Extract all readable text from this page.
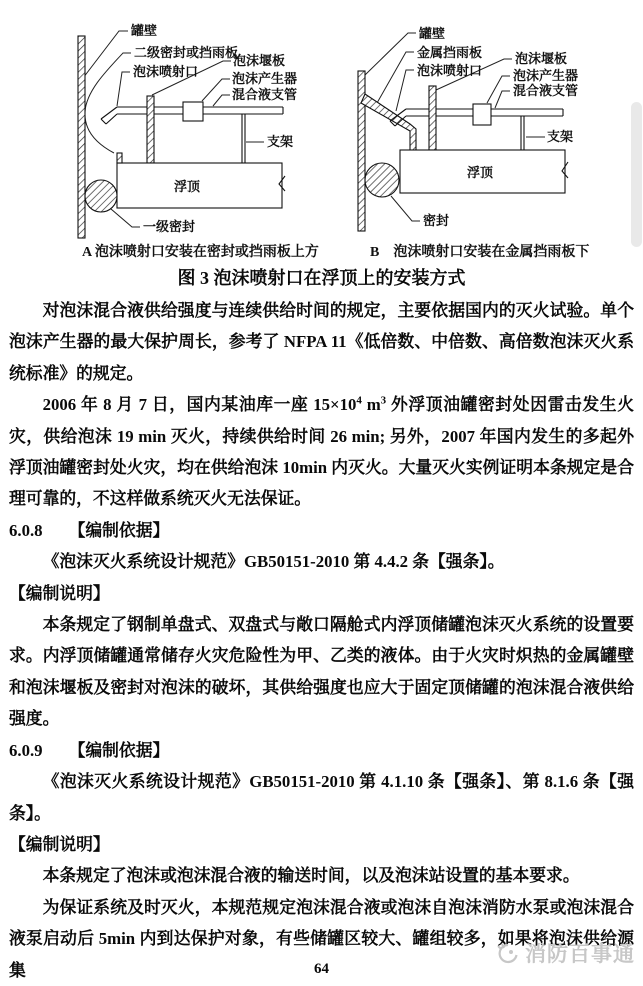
罐壁
二级密封或挡雨板
泡沫喷射口
泡沫堰板
泡沫产生器
混合液支管
支架
浮顶
一级密封
A 泡沫喷射口安装在密封或挡雨板上方
罐壁
金属挡雨板
泡沫喷射口
泡沫堰板
泡沫产生器
混合液支管
支架
浮顶
密封
B　泡沫喷射口安装在金属挡雨板下
图 3 泡沫喷射口在浮顶上的安装方式

对泡沫混合液供给强度与连续供给时间的规定，主要依据国内的灭火试验。单个泡沫产生器的最大保护周长，参考了 NFPA 11《低倍数、中倍数、高倍数泡沫灭火系统标准》的规定。

2006 年 8 月 7 日，国内某油库一座 $15\times 10^4$ $m^3$ 外浮顶油罐密封处因雷击发生火灾，供给泡沫 19 min 灭火，持续供给时间 26 min; 另外，2007 年国内发生的多起外浮顶油罐密封处火灾，均在供给泡沫 10min 内灭火。大量灭火实例证明本条规定是合理可靠的，不这样做系统灭火无法保证。

6.0.8 【编制依据】

《泡沫灭火系统设计规范》GB50151-2010 第 4.4.2 条【强条】。

【编制说明】

本条规定了钢制单盘式、双盘式与敞口隔舱式内浮顶储罐泡沫灭火系统的设置要求。内浮顶储罐通常储存火灾危险性为甲、乙类的液体。由于火灾时炽热的金属罐壁和泡沫堰板及密封对泡沫的破坏，其供给强度也应大于固定顶储罐的泡沫混合液供给强度。

6.0.9 【编制依据】

《泡沫灭火系统设计规范》GB50151-2010 第 4.1.10 条【强条】、第 8.1.6 条【强条】。

【编制说明】

本条规定了泡沫或泡沫混合液的输送时间，以及泡沫站设置的基本要求。

为保证系统及时灭火，本规范规定泡沫混合液或泡沫自泡沫消防水泵或泡沫混合液泵启动后 5min 内到达保护对象，有些储罐区较大、罐组较多，如果将泡沫供给源集

消防百事通
64
